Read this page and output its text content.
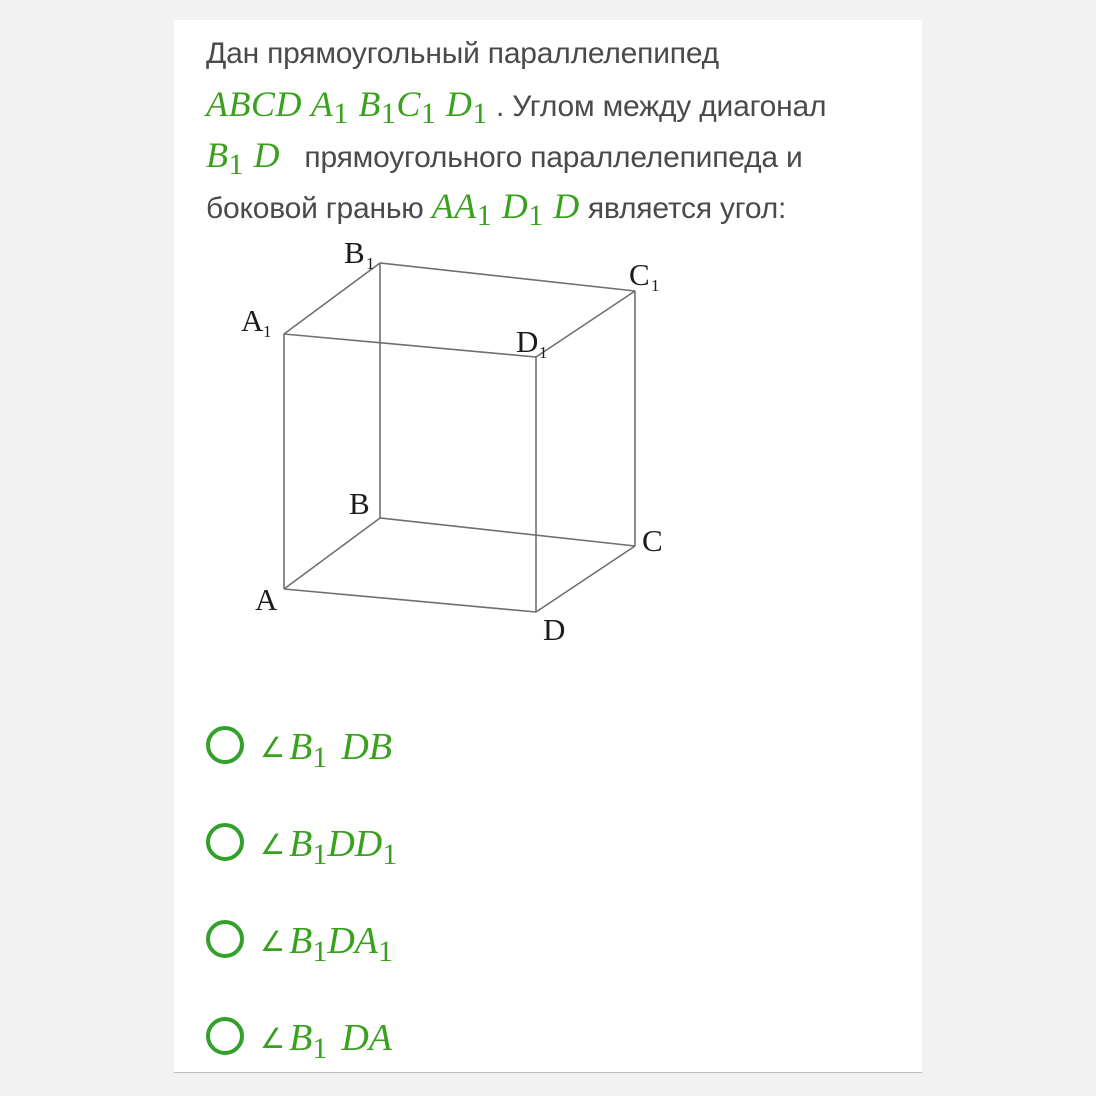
Дан прямоугольный параллелепипед
ABCD $A_1$ $B_1C_1$ $D_1$ . Углом между диагонал
$B_1$ D прямоугольного параллелепипеда и
боковой гранью $AA_1$ $D_1$ D является угол:
B 1	C 1
A 1	D 1
B
C
A
D
∠ $B_1$ DB
∠ $B_1DD_1$
∠ $B_1DA_1$
∠ $B_1$ DA
